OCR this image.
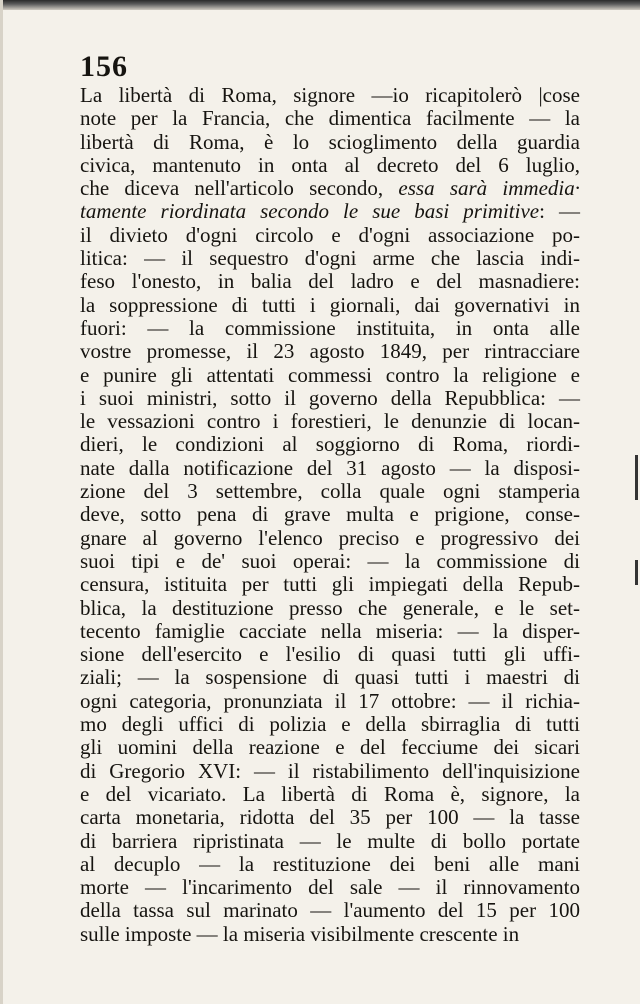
156
La libertà di Roma, signore —io ricapitolerò |cose
note per la Francia, che dimentica facilmente — la
libertà di Roma, è lo scioglimento della guardia
civica, mantenuto in onta al decreto del 6 luglio,
che diceva nell'articolo secondo, essa sarà immedia·
tamente riordinata secondo le sue basi primitive: —
il divieto d'ogni circolo e d'ogni associazione po-
litica: — il sequestro d'ogni arme che lascia indi-
feso l'onesto, in balia del ladro e del masnadiere:
la soppressione di tutti i giornali, dai governativi in
fuori: — la commissione instituita, in onta alle
vostre promesse, il 23 agosto 1849, per rintracciare
e punire gli attentati commessi contro la religione e
i suoi ministri, sotto il governo della Repubblica: —
le vessazioni contro i forestieri, le denunzie di locan-
dieri, le condizioni al soggiorno di Roma, riordi-
nate dalla notificazione del 31 agosto — la disposi-
zione del 3 settembre, colla quale ogni stamperia
deve, sotto pena di grave multa e prigione, conse-
gnare al governo l'elenco preciso e progressivo dei
suoi tipi e de' suoi operai: — la commissione di
censura, istituita per tutti gli impiegati della Repub-
blica, la destituzione presso che generale, e le set-
tecento famiglie cacciate nella miseria: — la disper-
sione dell'esercito e l'esilio di quasi tutti gli uffi-
ziali; — la sospensione di quasi tutti i maestri di
ogni categoria, pronunziata il 17 ottobre: — il richia-
mo degli uffici di polizia e della sbirraglia di tutti
gli uomini della reazione e del fecciume dei sicari
di Gregorio XVI: — il ristabilimento dell'inquisizione
e del vicariato. La libertà di Roma è, signore, la
carta monetaria, ridotta del 35 per 100 — la tasse
di barriera ripristinata — le multe di bollo portate
al decuplo — la restituzione dei beni alle mani
morte — l'incarimento del sale — il rinnovamento
della tassa sul marinato — l'aumento del 15 per 100
sulle imposte — la miseria visibilmente crescente in
